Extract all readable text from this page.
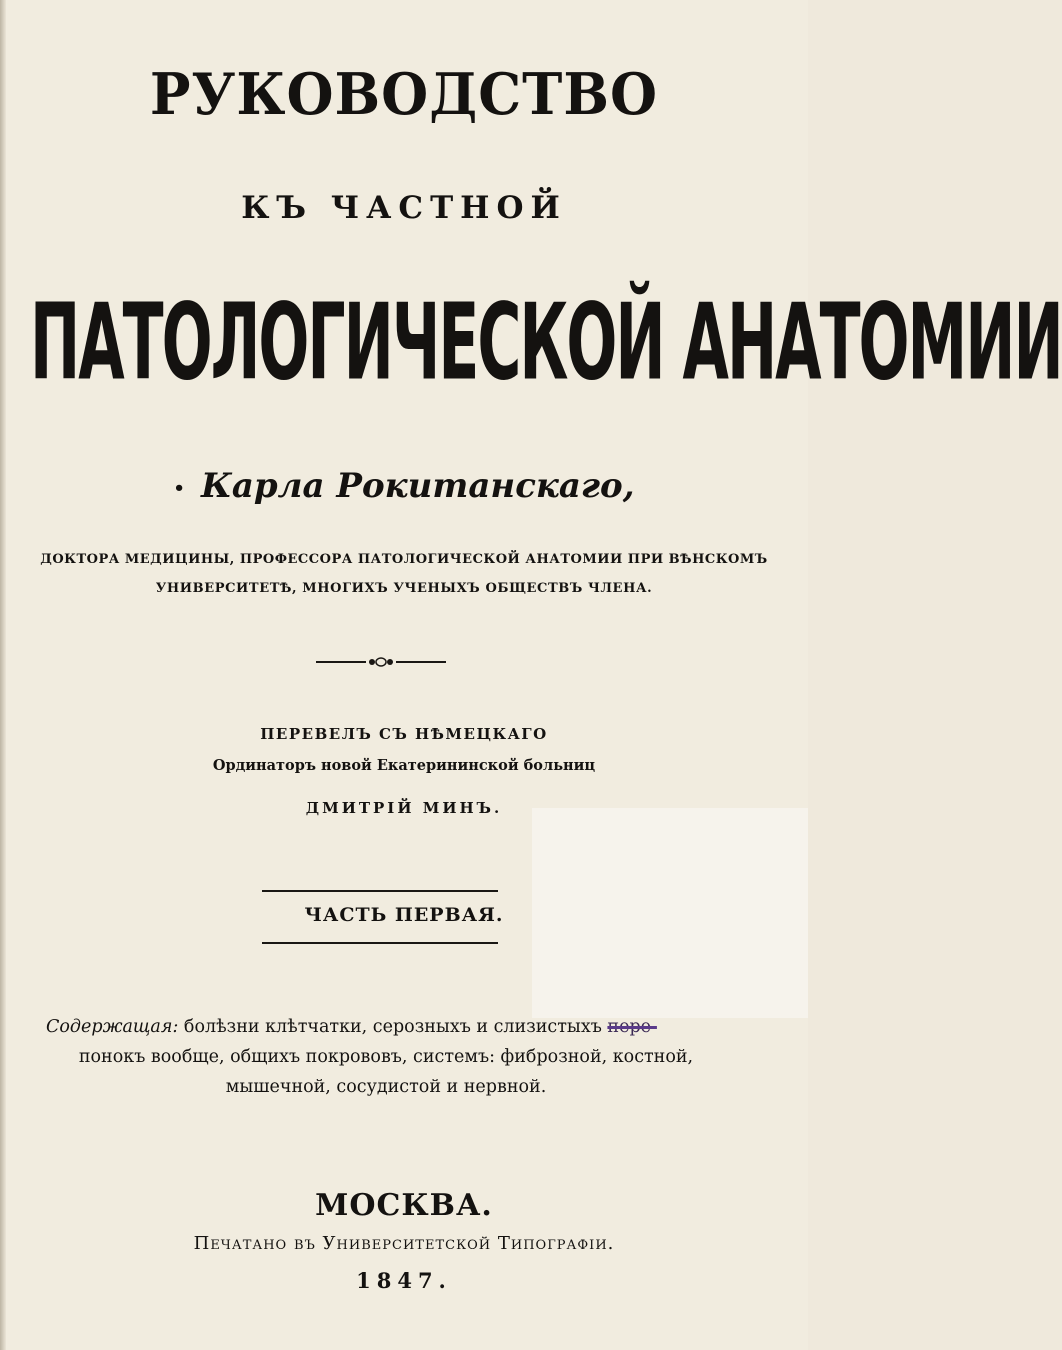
РУКОВОДСТВО
КЪ ЧАСТНОЙ
ПАТОЛОГИЧЕСКОЙ АНАТОМИИ
• Карла Рокитанскаго,
ДОКТОРА МЕДИЦИНЫ, ПРОФЕССОРА ПАТОЛОГИЧЕСКОЙ АНАТОМИИ ПРИ ВѢНСКОМЪ
УНИВЕРСИТЕТѢ, МНОГИХЪ УЧЕНЫХЪ ОБЩЕСТВЪ ЧЛЕНА.
ПЕРЕВЕЛЪ СЪ НѢМЕЦКАГО
Ординаторъ новой Екатерининской больниц
ДМИТРІЙ МИНЪ.
ЧАСТЬ ПЕРВАЯ.
Содержащая: болѣзни клѣтчатки, серозныхъ и слизистыхъ пере-
понокъ вообще, общихъ покрововъ, системъ: фиброзной, костной,
мышечной, сосудистой и нервной.
МОСКВА.
Печатано въ Университетской Типографіи.
1847.
